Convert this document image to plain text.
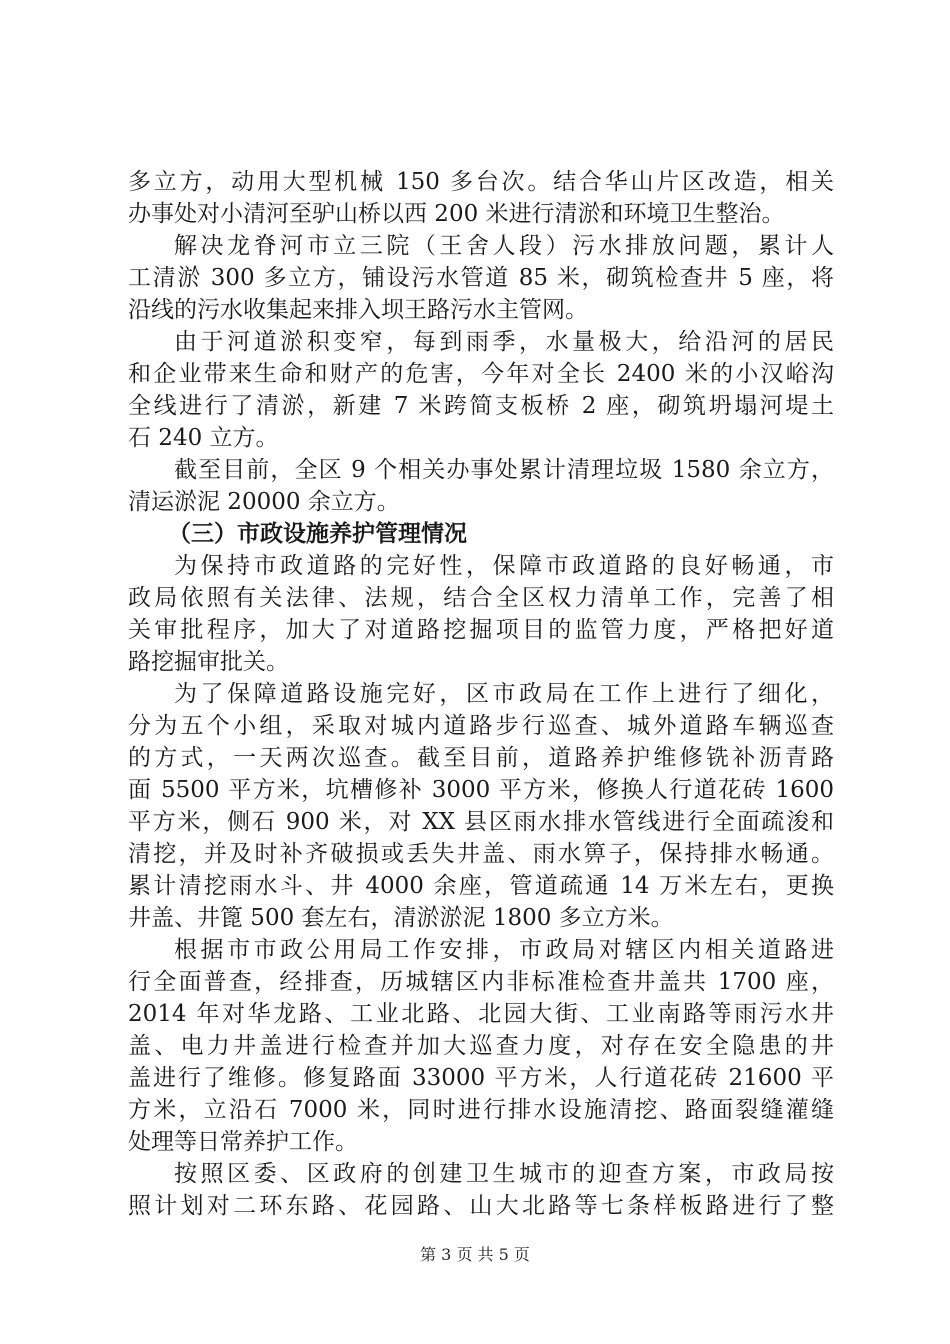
多立方，动用大型机械 150 多台次。结合华山片区改造，相关
办事处对小清河至驴山桥以西 200 米进行清淤和环境卫生整治。
解决龙脊河市立三院（王舍人段）污水排放问题，累计人
工清淤 300 多立方，铺设污水管道 85 米，砌筑检查井 5 座，将
沿线的污水收集起来排入坝王路污水主管网。
由于河道淤积变窄，每到雨季，水量极大，给沿河的居民
和企业带来生命和财产的危害，今年对全长 2400 米的小汉峪沟
全线进行了清淤，新建 7 米跨简支板桥 2 座，砌筑坍塌河堤土
石 240 立方。
截至目前，全区 9 个相关办事处累计清理垃圾 1580 余立方，
清运淤泥 20000 余立方。
（三）市政设施养护管理情况
为保持市政道路的完好性，保障市政道路的良好畅通，市
政局依照有关法律、法规，结合全区权力清单工作，完善了相
关审批程序，加大了对道路挖掘项目的监管力度，严格把好道
路挖掘审批关。
为了保障道路设施完好，区市政局在工作上进行了细化，
分为五个小组，采取对城内道路步行巡查、城外道路车辆巡查
的方式，一天两次巡查。截至目前，道路养护维修铣补沥青路
面 5500 平方米，坑槽修补 3000 平方米，修换人行道花砖 1600
平方米，侧石 900 米，对 XX 县区雨水排水管线进行全面疏浚和
清挖，并及时补齐破损或丢失井盖、雨水箅子，保持排水畅通。
累计清挖雨水斗、井 4000 余座，管道疏通 14 万米左右，更换
井盖、井篦 500 套左右，清淤淤泥 1800 多立方米。
根据市市政公用局工作安排，市政局对辖区内相关道路进
行全面普查，经排查，历城辖区内非标准检查井盖共 1700 座，
2014 年对华龙路、工业北路、北园大街、工业南路等雨污水井
盖、电力井盖进行检查并加大巡查力度，对存在安全隐患的井
盖进行了维修。修复路面 33000 平方米，人行道花砖 21600 平
方米，立沿石 7000 米，同时进行排水设施清挖、路面裂缝灌缝
处理等日常养护工作。
按照区委、区政府的创建卫生城市的迎查方案，市政局按
照计划对二环东路、花园路、山大北路等七条样板路进行了整
第 3 页 共 5 页
